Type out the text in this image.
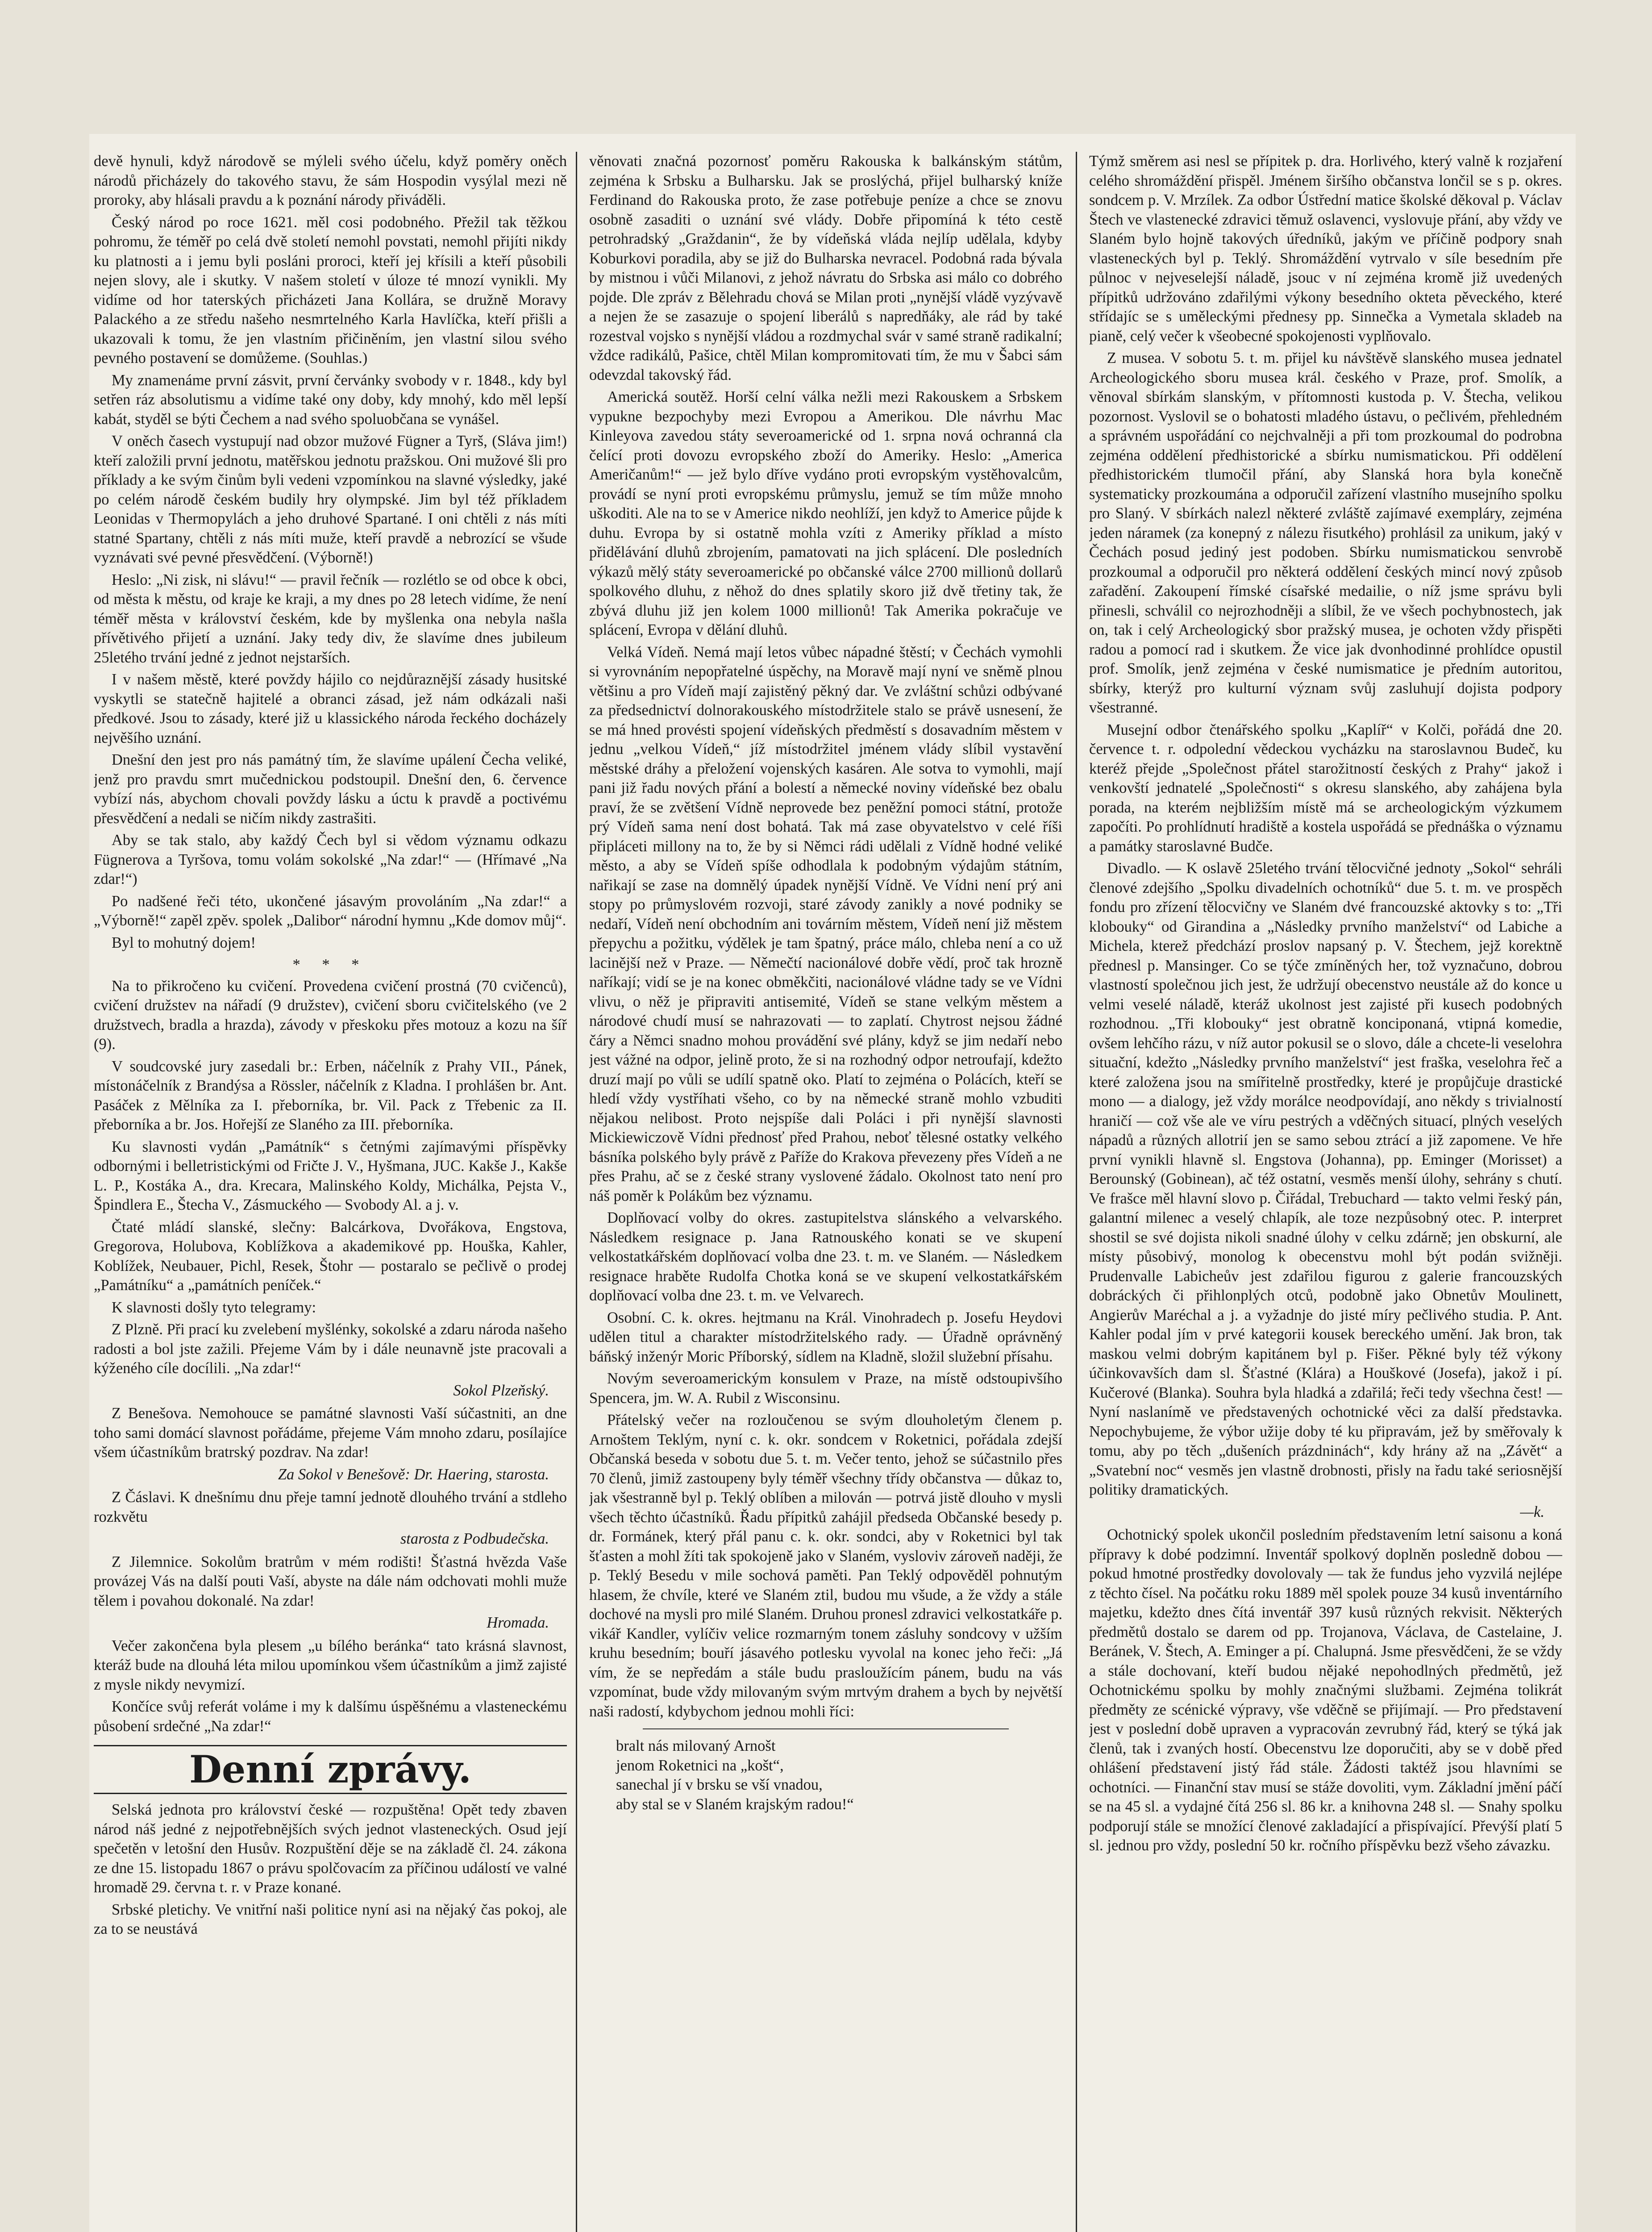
devě hynuli, když národově se mýleli svého účelu, když poměry oněch národů přicházely do takového stavu, že sám Hospodin vysýlal mezi ně proroky, aby hlásali pravdu a k poznání národy přiváděli.

Český národ po roce 1621. měl cosi podobného. Přežil tak těžkou pohromu, že téměř po celá dvě století nemohl povstati, nemohl přijíti nikdy ku platnosti a i jemu byli posláni proroci, kteří jej křísili a kteří působili nejen slovy, ale i skutky. V našem století v úloze té mnozí vynikli. My vidíme od hor taterských přicházeti Jana Kollára, se družně Moravy Palackého a ze středu našeho nesmrtelného Karla Havlíčka, kteří přišli a ukazovali k tomu, že jen vlastním přičiněním, jen vlastní silou svého pevného postavení se domůžeme. (Souhlas.)

My znamenáme první zásvit, první červánky svobody v r. 1848., kdy byl setřen ráz absolutismu a vidíme také ony doby, kdy mnohý, kdo měl lepší kabát, styděl se býti Čechem a nad svého spoluobčana se vynášel.

V oněch časech vystupují nad obzor mužové Fügner a Tyrš, (Sláva jim!) kteří založili první jednotu, matěřskou jednotu pražskou. Oni mužové šli pro příklady a ke svým činům byli vedeni vzpomínkou na slavné výsledky, jaké po celém národě českém budily hry olympské. Jim byl též příkladem Leonidas v Thermopylách a jeho druhové Spartané. I oni chtěli z nás míti statné Spartany, chtěli z nás míti muže, kteří pravdě a nebrozící se všude vyznávati své pevné přesvědčení. (Výborně!)

Heslo: „Ni zisk, ni slávu!“ — pravil řečník — rozlétlo se od obce k obci, od města k městu, od kraje ke kraji, a my dnes po 28 letech vidíme, že není téměř města v království českém, kde by myšlenka ona nebyla našla přívětivého přijetí a uznání. Jaky tedy div, že slavíme dnes jubileum 25letého trvání jedné z jednot nejstarších.

I v našem městě, které povždy hájilo co nejdůraznější zásady husitské vyskytli se statečně hajitelé a obranci zásad, jež nám odkázali naši předkové. Jsou to zásady, které již u klassického národa řeckého docházely nejvěšího uznání.

Dnešní den jest pro nás památný tím, že slavíme upálení Čecha veliké, jenž pro pravdu smrt mučednickou podstoupil. Dnešní den, 6. července vybízí nás, abychom chovali povždy lásku a úctu k pravdě a poctivému přesvědčení a nedali se ničím nikdy zastrašiti.

Aby se tak stalo, aby každý Čech byl si vědom významu odkazu Fügnerova a Tyršova, tomu volám sokolské „Na zdar!“ — (Hřímavé „Na zdar!“)

Po nadšené řeči této, ukončené jásavým provoláním „Na zdar!“ a „Výborně!“ zapěl zpěv. spolek „Dalibor“ národní hymnu „Kde domov můj“.

Byl to mohutný dojem!

* * *

Na to přikročeno ku cvičení. Provedena cvičení prostná (70 cvičenců), cvičení družstev na nářadí (9 družstev), cvičení sboru cvičitelského (ve 2 družstvech, bradla a hrazda), závody v přeskoku přes motouz a kozu na šíř (9).

V soudcovské jury zasedali br.: Erben, náčelník z Prahy VII., Pánek, místonáčelník z Brandýsa a Rössler, náčelník z Kladna. I prohlášen br. Ant. Pasáček z Mělníka za I. přeborníka, br. Vil. Pack z Třebenic za II. přeborníka a br. Jos. Hořejší ze Slaného za III. přeborníka.

Ku slavnosti vydán „Památník“ s četnými zajímavými příspěvky odbornými i belletristickými od Fričte J. V., Hyšmana, JUC. Kakše J., Kakše L. P., Kostáka A., dra. Krecara, Malinského Koldy, Michálka, Pejsta V., Špindlera E., Štecha V., Zásmuckého — Svobody Al. a j. v.

Čtaté mládí slanské, slečny: Balcárkova, Dvořákova, Engstova, Gregorova, Holubova, Koblížkova a akademikové pp. Houška, Kahler, Koblížek, Neubauer, Pichl, Resek, Štohr — postaralo se pečlivě o prodej „Památníku“ a „památních peníček.“

K slavnosti došly tyto telegramy:

Z Plzně. Při prací ku zvelebení myšlénky, sokolské a zdaru národa našeho radosti a bol jste zažili. Přejeme Vám by i dále neunavně jste pracovali a kýženého cíle docílili. „Na zdar!“

Sokol Plzeňský.

Z Benešova. Nemohouce se památné slavnosti Vaší súčastniti, an dne toho sami domácí slavnost pořádáme, přejeme Vám mnoho zdaru, posílajíce všem účastníkům bratrský pozdrav. Na zdar!

Za Sokol v Benešově: Dr. Haering, starosta.

Z Čáslavi. K dnešnímu dnu přeje tamní jednotě dlouhého trvání a stdleho rozkvětu

starosta z Podbudečska.

Z Jilemnice. Sokolům bratrům v mém rodišti! Šťastná hvězda Vaše provázej Vás na další pouti Vaší, abyste na dále nám odchovati mohli muže tělem i povahou dokonalé. Na zdar!

Hromada.

Večer zakončena byla plesem „u bílého beránka“ tato krásná slavnost, kteráž bude na dlouhá léta milou upomínkou všem účastníkům a jimž zajisté z mysle nikdy nevymizí.

Končíce svůj referát voláme i my k dalšímu úspěšnému a vlasteneckému působení srdečné „Na zdar!“

Denní zprávy.

Selská jednota pro království české — rozpuštěna! Opět tedy zbaven národ náš jedné z nejpotřebnějších svých jednot vlasteneckých. Osud její spečetěn v letošní den Husův. Rozpuštění děje se na základě čl. 24. zákona ze dne 15. listopadu 1867 o právu spolčovacím za příčinou událostí ve valné hromadě 29. června t. r. v Praze konané.

Srbské pletichy. Ve vnitřní naši politice nyní asi na nějaký čas pokoj, ale za to se neustává

věnovati značná pozornosť poměru Rakouska k balkánským státům, zejména k Srbsku a Bulharsku. Jak se proslýchá, přijel bulharský kníže Ferdinand do Rakouska proto, že zase potřebuje peníze a chce se znovu osobně zasaditi o uznání své vlády. Dobře připomíná k této cestě petrohradský „Graždanin“, že by vídeňská vláda nejlíp udělala, kdyby Koburkovi poradila, aby se již do Bulharska nevracel. Podobná rada bývala by mistnou i vůči Milanovi, z jehož návratu do Srbska asi málo co dobrého pojde. Dle zpráv z Bělehradu chová se Milan proti „nynější vládě vyzývavě a nejen že se zasazuje o spojení liberálů s napredňáky, ale rád by také rozestval vojsko s nynější vládou a rozdmychal svár v samé straně radikalní; vždce radikálů, Pašice, chtěl Milan kompromitovati tím, že mu v Šabci sám odevzdal takovský řád.

Americká soutěž. Horší celní válka nežli mezi Rakouskem a Srbskem vypukne bezpochyby mezi Evropou a Amerikou. Dle návrhu Mac Kinleyova zavedou státy severoamerické od 1. srpna nová ochranná cla čelící proti dovozu evropského zboží do Ameriky. Heslo: „America Američanům!“ — jež bylo dříve vydáno proti evropským vystěhovalcům, provádí se nyní proti evropskému průmyslu, jemuž se tím může mnoho uškoditi. Ale na to se v Americe nikdo neohlíží, jen když to Americe půjde k duhu. Evropa by si ostatně mohla vzíti z Ameriky příklad a místo přidělávání dluhů zbrojením, pamatovati na jich splácení. Dle posledních výkazů mělý státy severoamerické po občanské válce 2700 millionů dollarů spolkového dluhu, z něhož do dnes splatily skoro již dvě třetiny tak, že zbývá dluhu již jen kolem 1000 millionů! Tak Amerika pokračuje ve splácení, Evropa v dělání dluhů.

Velká Vídeň. Nemá mají letos vůbec nápadné štěstí; v Čechách vymohli si vyrovnáním nepopřatelné úspěchy, na Moravě mají nyní ve sněmě plnou většinu a pro Vídeň mají zajistěný pěkný dar. Ve zvláštní schůzi odbývané za předsednictví dolnorakouského místodržitele stalo se právě usnesení, že se má hned provésti spojení vídeňských předměstí s dosavadním městem v jednu „velkou Vídeň,“ jíž místodržitel jménem vlády slíbil vystavění městské dráhy a přeložení vojenských kasáren. Ale sotva to vymohli, mají pani již řadu nových přání a bolestí a německé noviny vídeňské bez obalu praví, že se zvětšení Vídně neprovede bez peněžní pomoci státní, protože prý Vídeň sama není dost bohatá. Tak má zase obyvatelstvo v celé říši připláceti millony na to, že by si Němci rádi udělali z Vídně hodné veliké město, a aby se Vídeň spíše odhodlala k podobným výdajům státním, nařikají se zase na domnělý úpadek nynější Vídně. Ve Vídni není prý ani stopy po průmyslovém rozvoji, staré závody zanikly a nové podniky se nedaří, Vídeň není obchodním ani továrním městem, Vídeň není již městem přepychu a požitku, výdělek je tam špatný, práce málo, chleba není a co už lacinější než v Praze. — Němečtí nacionálové dobře vědí, proč tak hrozně naříkají; vidí se je na konec obměkčiti, nacionálové vládne tady se ve Vídni vlivu, o něž je připraviti antisemité, Vídeň se stane velkým městem a národové chudí musí se nahrazovati — to zaplatí. Chytrost nejsou žádné čáry a Němci snadno mohou provádění své plány, když se jim nedaří nebo jest vážné na odpor, jelině proto, že si na rozhodný odpor netroufají, kdežto druzí mají po vůli se udílí spatně oko. Platí to zejména o Polácích, kteří se hledí vždy vystříhati všeho, co by na německé straně mohlo vzbuditi nějakou nelibost. Proto nejspíše dali Poláci i při nynější slavnosti Mickiewiczově Vídni přednosť před Prahou, neboť tělesné ostatky velkého básníka polského byly právě z Paříže do Krakova převezeny přes Vídeň a ne přes Prahu, ač se z české strany vyslovené žádalo. Okolnost tato není pro náš poměr k Polákům bez významu.

Doplňovací volby do okres. zastupitelstva slánského a velvarského. Následkem resignace p. Jana Ratnouského konati se ve skupení velkostatkářském doplňovací volba dne 23. t. m. ve Slaném. — Následkem resignace hraběte Rudolfa Chotka koná se ve skupení velkostatkářském doplňovací volba dne 23. t. m. ve Velvarech.

Osobní. C. k. okres. hejtmanu na Král. Vinohradech p. Josefu Heydovi udělen titul a charakter místodržitelského rady. — Úřadně oprávněný báňský inženýr Moric Příborský, sídlem na Kladně, složil služební přísahu.

Novým severoamerickým konsulem v Praze, na místě odstoupivšího Spencera, jm. W. A. Rubil z Wisconsinu.

Přátelský večer na rozloučenou se svým dlouholetým členem p. Arnoštem Teklým, nyní c. k. okr. sondcem v Roketnici, pořádala zdejší Občanská beseda v sobotu due 5. t. m. Večer tento, jehož se súčastnilo přes 70 členů, jimiž zastoupeny byly téměř všechny třídy občanstva — důkaz to, jak všestranně byl p. Teklý oblíben a milován — potrvá jistě dlouho v mysli všech těchto účastníků. Řadu přípitků zahájil předseda Občanské besedy p. dr. Formánek, který přál panu c. k. okr. sondci, aby v Roketnici byl tak šťasten a mohl žíti tak spokojeně jako v Slaném, vysloviv zároveň naději, že p. Teklý Besedu v mile sochová paměti. Pan Teklý odpověděl pohnutým hlasem, že chvíle, které ve Slaném ztil, budou mu všude, a že vždy a stále dochové na mysli pro milé Slaném. Druhou pronesl zdravici velkostatkáře p. vikář Kandler, vylíčiv velice rozmarným tonem zásluhy sondcovy v užším kruhu besedním; bouří jásavého potlesku vyvolal na konec jeho řeči: „Já vím, že se nepředám a stále budu prasloužícím pánem, budu na vás vzpomínat, bude vždy milovaným svým mrtvým drahem a bych by největší naši radostí, kdybychom jednou mohli říci:

bralt nás milovaný Arnošt
jenom Roketnici na „košt“,
sanechal jí v brsku se vší vnadou,
aby stal se v Slaném krajským radou!“

Týmž směrem asi nesl se přípitek p. dra. Horlivého, který valně k rozjaření celého shromáždění přispěl. Jménem širšího občanstva lončil se s p. okres. sondcem p. V. Mrzílek. Za odbor Ústřední matice školské děkoval p. Václav Štech ve vlastenecké zdravici těmuž oslavenci, vyslovuje přání, aby vždy ve Slaném bylo hojně takových úředníků, jakým ve příčině podpory snah vlasteneckých byl p. Teklý. Shromáždění vytrvalo v síle besedním pře půlnoc v nejveselejší náladě, jsouc v ní zejména kromě již uvedených přípitků udržováno zdařilými výkony besedního okteta pěveckého, které střídajíc se s uměleckými přednesy pp. Sinnečka a Vymetala skladeb na pianě, celý večer k všeobecné spokojenosti vyplňovalo.

Z musea. V sobotu 5. t. m. přijel ku návštěvě slanského musea jednatel Archeologického sboru musea král. českého v Praze, prof. Smolík, a věnoval sbírkám slanským, v přítomnosti kustoda p. V. Štecha, velikou pozornost. Vyslovil se o bohatosti mladého ústavu, o pečlivém, přehledném a správném uspořádání co nejchvalněji a při tom prozkoumal do podrobna zejména oddělení předhistorické a sbírku numismatickou. Při oddělení předhistorickém tlumočil přání, aby Slanská hora byla konečně systematicky prozkoumána a odporučil zařízení vlastního musejního spolku pro Slaný. V sbírkách nalezl některé zvláště zajímavé exempláry, zejména jeden náramek (za konepný z nálezu řisutkého) prohlásil za unikum, jaký v Čechách posud jediný jest podoben. Sbírku numismatickou senvrobě prozkoumal a odporučil pro některá oddělení českých mincí nový způsob zařadění. Zakoupení římské císařské medailie, o níž jsme správu byli přinesli, schválil co nejrozhodněji a slíbil, že ve všech pochybnostech, jak on, tak i celý Archeologický sbor pražský musea, je ochoten vždy přispěti radou a pomocí rad i skutkem. Že vice jak dvonhodinné prohlídce opustil prof. Smolík, jenž zejména v české numismatice je předním autoritou, sbírky, kterýž pro kulturní význam svůj zasluhují dojista podpory všestranné.

Musejní odbor čtenářského spolku „Kaplíř“ v Kolči, pořádá dne 20. července t. r. odpolední vědeckou vycházku na staroslavnou Budeč, ku kteréž přejde „Společnost přátel starožitností českých z Prahy“ jakož i venkovští jednatelé „Společnosti“ s okresu slanského, aby zahájena byla porada, na kterém nejbližším místě má se archeologickým výzkumem započíti. Po prohlídnutí hradiště a kostela uspořádá se přednáška o významu a památky staroslavné Budče.

Divadlo. — K oslavě 25letého trvání tělocvičné jednoty „Sokol“ sehráli členové zdejšího „Spolku divadelních ochotníků“ due 5. t. m. ve prospěch fondu pro zřízení tělocvičny ve Slaném dvé francouzské aktovky s to: „Tři klobouky“ od Girandina a „Následky prvního manželství“ od Labiche a Michela, kterež předchází proslov napsaný p. V. Štechem, jejž korektně přednesl p. Mansinger. Co se týče zmíněných her, tož vyznačuno, dobrou vlastností společnou jich jest, že udržují obecenstvo neustále až do konce u velmi veselé náladě, kteráž ukolnost jest zajisté při kusech podobných rozhodnou. „Tři klobouky“ jest obratně konciponaná, vtipná komedie, ovšem lehčího rázu, v níž autor pokusil se o slovo, dále a chcete-li veselohra situační, kdežto „Následky prvního manželství“ jest fraška, veselohra řeč a které založena jsou na smířitelně prostředky, které je propůjčuje drastické mono — a dialogy, jež vždy morálce neodpovídají, ano někdy s trivialností hraničí — což vše ale ve víru pestrých a vděčných situací, plných veselých nápadů a různých allotrií jen se samo sebou ztrácí a již zapomene. Ve hře první vynikli hlavně sl. Engstova (Johanna), pp. Eminger (Morisset) a Berounský (Gobinean), ač též ostatní, vesměs menší úlohy, sehrány s chutí. Ve frašce měl hlavní slovo p. Čiřádal, Trebuchard — takto velmi řeský pán, galantní milenec a veselý chlapík, ale toze nezpůsobný otec. P. interpret shostil se své dojista nikoli snadné úlohy v celku zdárně; jen obskurní, ale místy působivý, monolog k obecenstvu mohl být podán svižněji. Prudenvalle Labicheův jest zdařilou figurou z galerie francouzských dobráckých či přihlonplých otců, podobně jako Obnetův Moulinett, Angierův Maréchal a j. a vyžadnje do jisté míry pečlivého studia. P. Ant. Kahler podal jím v prvé kategorii kousek bereckého umění. Jak bron, tak maskou velmi dobrým kapitánem byl p. Fišer. Pěkné byly též výkony účinkovavších dam sl. Šťastné (Klára) a Houškové (Josefa), jakož i pí. Kučerové (Blanka). Souhra byla hladká a zdařilá; řeči tedy všechna čest! — Nyní naslanímě ve představených ochotnické věci za další představka. Nepochybujeme, že výbor užije doby té ku připravám, jež by směřovaly k tomu, aby po těch „dušeních prázdninách“, kdy hrány až na „Závět“ a „Svatební noc“ vesměs jen vlastně drobnosti, přisly na řadu také seriosnější politiky dramatických.

—k.

Ochotnický spolek ukončil posledním představením letní saisonu a koná přípravy k dobé podzimní. Inventář spolkový doplněn posledně dobou — pokud hmotné prostředky dovolovaly — tak že fundus jeho vyzvilá nejlépe z těchto čísel. Na počátku roku 1889 měl spolek pouze 34 kusů inventárního majetku, kdežto dnes čítá inventář 397 kusů různých rekvisit. Některých předmětů dostalo se darem od pp. Trojanova, Václava, de Castelaine, J. Beránek, V. Štech, A. Eminger a pí. Chalupná. Jsme přesvědčeni, že se vždy a stále dochovaní, kteří budou nějaké nepohodlných předmětů, jež Ochotnickému spolku by mohly značnými službami. Zejména tolikrát předměty ze scénické výpravy, vše vděčně se přijímají. — Pro představení jest v poslední době upraven a vypracován zevrubný řád, který se týká jak členů, tak i zvaných hostí. Obecenstvu lze doporučiti, aby se v době před ohlášení představení jistý řád stále. Žádosti taktéž jsou hlavními se ochotníci. — Finanční stav musí se stáže dovoliti, vym. Základní jmění páčí se na 45 sl. a vydajné čítá 256 sl. 86 kr. a knihovna 248 sl. — Snahy spolku podporují stále se množící členové zakladající a přispívající. Převýší platí 5 sl. jednou pro vždy, poslední 50 kr. ročního příspěvku bezž všeho závazku.
